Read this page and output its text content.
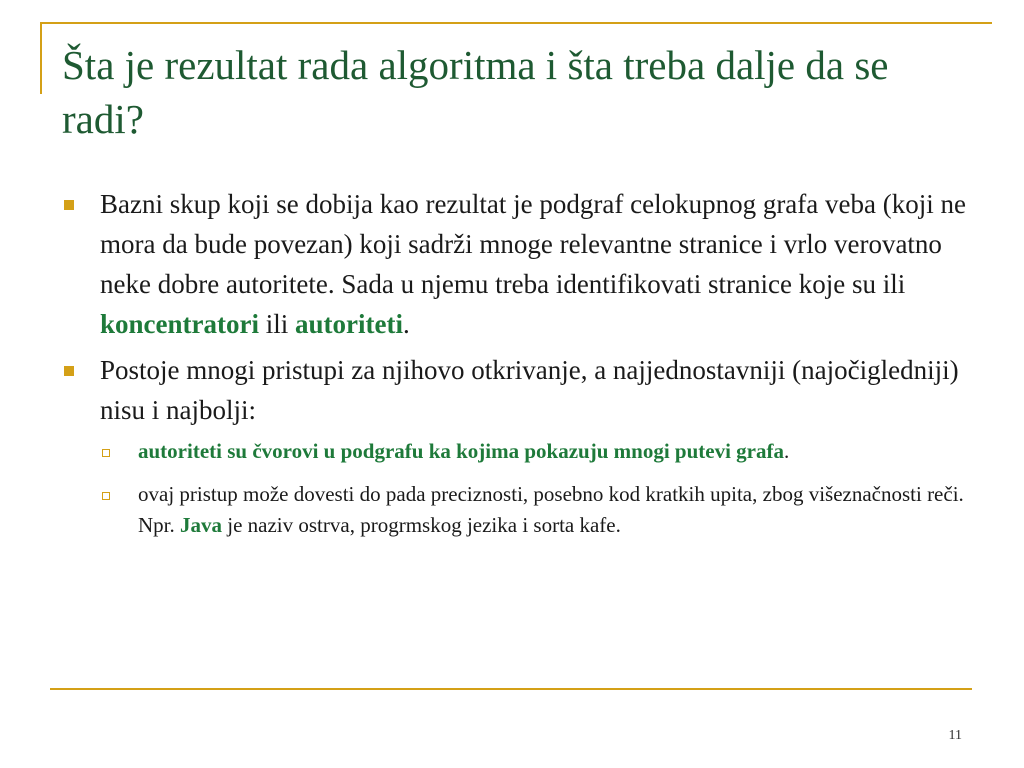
Šta je rezultat rada algoritma i šta treba dalje da se radi?
Bazni skup koji se dobija kao rezultat je podgraf celokupnog grafa veba (koji ne mora da bude povezan) koji sadrži mnoge relevantne stranice i vrlo verovatno neke dobre autoritete. Sada u njemu treba identifikovati stranice koje su ili koncentratori ili autoriteti.
Postoje mnogi pristupi za njihovo otkrivanje, a najjednostavniji (najočigledniji) nisu i najbolji:
autoriteti su čvorovi u podgrafu ka kojima pokazuju mnogi putevi grafa.
ovaj pristup može dovesti do pada preciznosti, posebno kod kratkih upita, zbog višeznačnosti reči. Npr. Java je naziv ostrva, progrmskog jezika i sorta kafe.
11
